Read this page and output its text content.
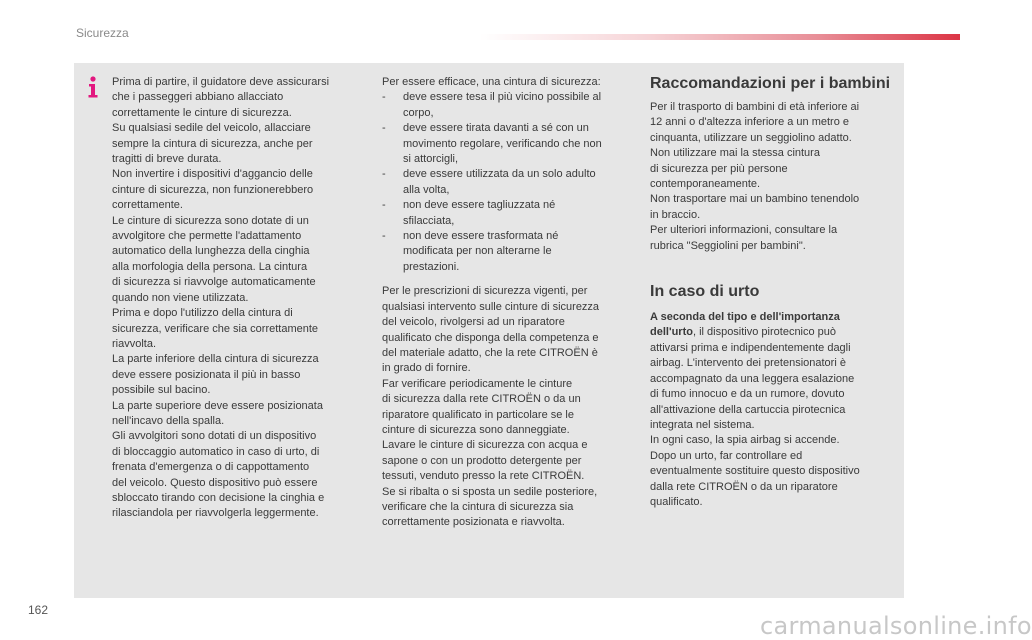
Sicurezza
Prima di partire, il guidatore deve assicurarsi
che i passeggeri abbiano allacciato
correttamente le cinture di sicurezza.
Su qualsiasi sedile del veicolo, allacciare
sempre la cintura di sicurezza, anche per
tragitti di breve durata.
Non invertire i dispositivi d'aggancio delle
cinture di sicurezza, non funzionerebbero
correttamente.
Le cinture di sicurezza sono dotate di un
avvolgitore che permette l'adattamento
automatico della lunghezza della cinghia
alla morfologia della persona. La cintura
di sicurezza si riavvolge automaticamente
quando non viene utilizzata.
Prima e dopo l'utilizzo della cintura di
sicurezza, verificare che sia correttamente
riavvolta.
La parte inferiore della cintura di sicurezza
deve essere posizionata il più in basso
possibile sul bacino.
La parte superiore deve essere posizionata
nell'incavo della spalla.
Gli avvolgitori sono dotati di un dispositivo
di bloccaggio automatico in caso di urto, di
frenata d'emergenza o di cappottamento
del veicolo. Questo dispositivo può essere
sbloccato tirando con decisione la cinghia e
rilasciandola per riavvolgerla leggermente.

Per essere efficace, una cintura di sicurezza:

- deve essere tesa il più vicino possibile al
corpo,
- deve essere tirata davanti a sé con un
movimento regolare, verificando che non
si attorcigli,
- deve essere utilizzata da un solo adulto
alla volta,
- non deve essere tagliuzzata né
sfilacciata,
- non deve essere trasformata né
modificata per non alterarne le
prestazioni.
Per le prescrizioni di sicurezza vigenti, per
qualsiasi intervento sulle cinture di sicurezza
del veicolo, rivolgersi ad un riparatore
qualificato che disponga della competenza e
del materiale adatto, che la rete CITROËN è
in grado di fornire.
Far verificare periodicamente le cinture
di sicurezza dalla rete CITROËN o da un
riparatore qualificato in particolare se le
cinture di sicurezza sono danneggiate.
Lavare le cinture di sicurezza con acqua e
sapone o con un prodotto detergente per
tessuti, venduto presso la rete CITROËN.
Se si ribalta o si sposta un sedile posteriore,
verificare che la cintura di sicurezza sia
correttamente posizionata e riavvolta.
Raccomandazioni per i bambini
Per il trasporto di bambini di età inferiore ai
12 anni o d'altezza inferiore a un metro e
cinquanta, utilizzare un seggiolino adatto.
Non utilizzare mai la stessa cintura
di sicurezza per più persone
contemporaneamente.
Non trasportare mai un bambino tenendolo
in braccio.
Per ulteriori informazioni, consultare la
rubrica "Seggiolini per bambini".
In caso di urto
A seconda del tipo e dell'importanza
dell'urto, il dispositivo pirotecnico può
attivarsi prima e indipendentemente dagli
airbag. L'intervento dei pretensionatori è
accompagnato da una leggera esalazione
di fumo innocuo e da un rumore, dovuto
all'attivazione della cartuccia pirotecnica
integrata nel sistema.
In ogni caso, la spia airbag si accende.
Dopo un urto, far controllare ed
eventualmente sostituire questo dispositivo
dalla rete CITROËN o da un riparatore
qualificato.
162
carmanualsonline.info
